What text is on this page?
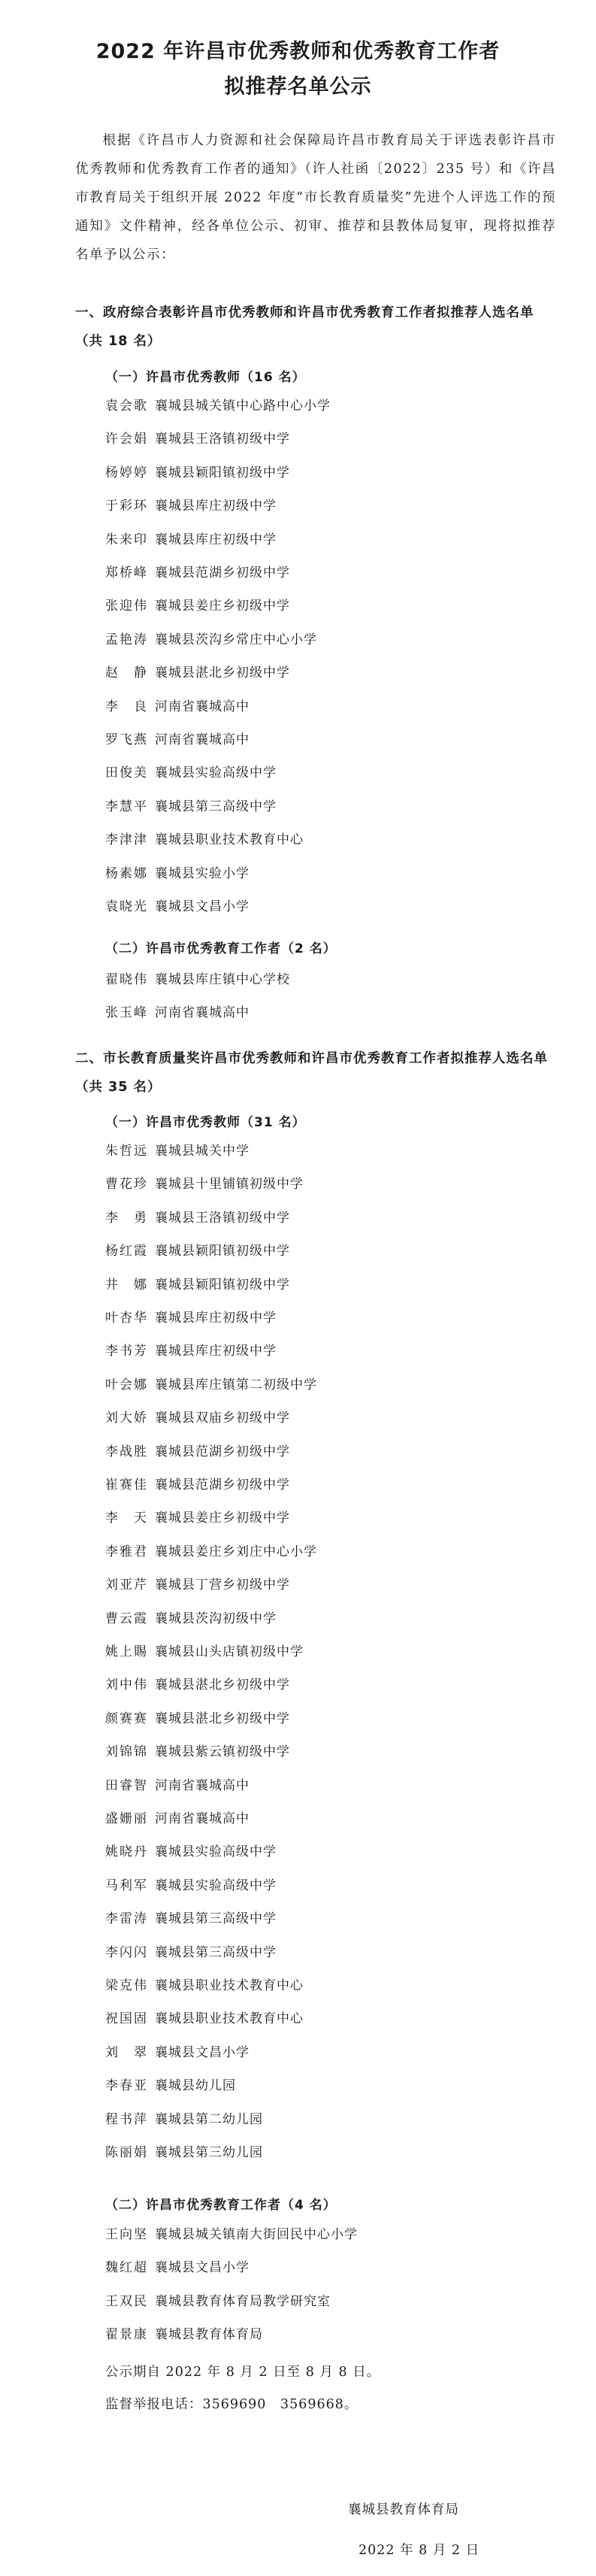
2022 年许昌市优秀教师和优秀教育工作者
拟推荐名单公示
根据《许昌市人力资源和社会保障局许昌市教育局关于评选表彰许昌市优秀教师和优秀教育工作者的通知》（许人社函〔2022〕235 号）和《许昌市教育局关于组织开展 2022 年度“市长教育质量奖”先进个人评选工作的预通知》文件精神，经各单位公示、初审、推荐和县教体局复审，现将拟推荐名单予以公示：
一、政府综合表彰许昌市优秀教师和许昌市优秀教育工作者拟推荐人选名单（共 18 名）
（一）许昌市优秀教师（16 名）
袁会歌 襄城县城关镇中心路中心小学
许会娟 襄城县王洛镇初级中学
杨婷婷 襄城县颖阳镇初级中学
于彩环 襄城县库庄初级中学
朱来印 襄城县库庄初级中学
郑桥峰 襄城县范湖乡初级中学
张迎伟 襄城县姜庄乡初级中学
孟艳涛 襄城县茨沟乡常庄中心小学
赵　静 襄城县湛北乡初级中学
李　良 河南省襄城高中
罗飞燕 河南省襄城高中
田俊美 襄城县实验高级中学
李慧平 襄城县第三高级中学
李津津 襄城县职业技术教育中心
杨素娜 襄城县实验小学
袁晓光 襄城县文昌小学
（二）许昌市优秀教育工作者（2 名）
翟晓伟 襄城县库庄镇中心学校
张玉峰 河南省襄城高中
二、市长教育质量奖许昌市优秀教师和许昌市优秀教育工作者拟推荐人选名单（共 35 名）
（一）许昌市优秀教师（31 名）
朱哲远 襄城县城关中学
曹花珍 襄城县十里铺镇初级中学
李　勇 襄城县王洛镇初级中学
杨红霞 襄城县颖阳镇初级中学
井　娜 襄城县颖阳镇初级中学
叶杏华 襄城县库庄初级中学
李书芳 襄城县库庄初级中学
叶会娜 襄城县库庄镇第二初级中学
刘大娇 襄城县双庙乡初级中学
李战胜 襄城县范湖乡初级中学
崔赛佳 襄城县范湖乡初级中学
李　天 襄城县姜庄乡初级中学
李雅君 襄城县姜庄乡刘庄中心小学
刘亚芹 襄城县丁营乡初级中学
曹云霞 襄城县茨沟初级中学
姚上賜 襄城县山头店镇初级中学
刘中伟 襄城县湛北乡初级中学
颜赛赛 襄城县湛北乡初级中学
刘锦锦 襄城县紫云镇初级中学
田睿智 河南省襄城高中
盛姗丽 河南省襄城高中
姚晓丹 襄城县实验高级中学
马利军 襄城县实验高级中学
李雷涛 襄城县第三高级中学
李闪闪 襄城县第三高级中学
梁克伟 襄城县职业技术教育中心
祝国固 襄城县职业技术教育中心
刘　翠 襄城县文昌小学
李春亚 襄城县幼儿园
程书萍 襄城县第二幼儿园
陈丽娟 襄城县第三幼儿园
（二）许昌市优秀教育工作者（4 名）
王向坚 襄城县城关镇南大街回民中心小学
魏红超 襄城县文昌小学
王双民 襄城县教育体育局教学研究室
翟景康 襄城县教育体育局
公示期自 2022 年 8 月 2 日至 8 月 8 日。
监督举报电话：3569690　3569668。
襄城县教育体育局
2022 年 8 月 2 日
